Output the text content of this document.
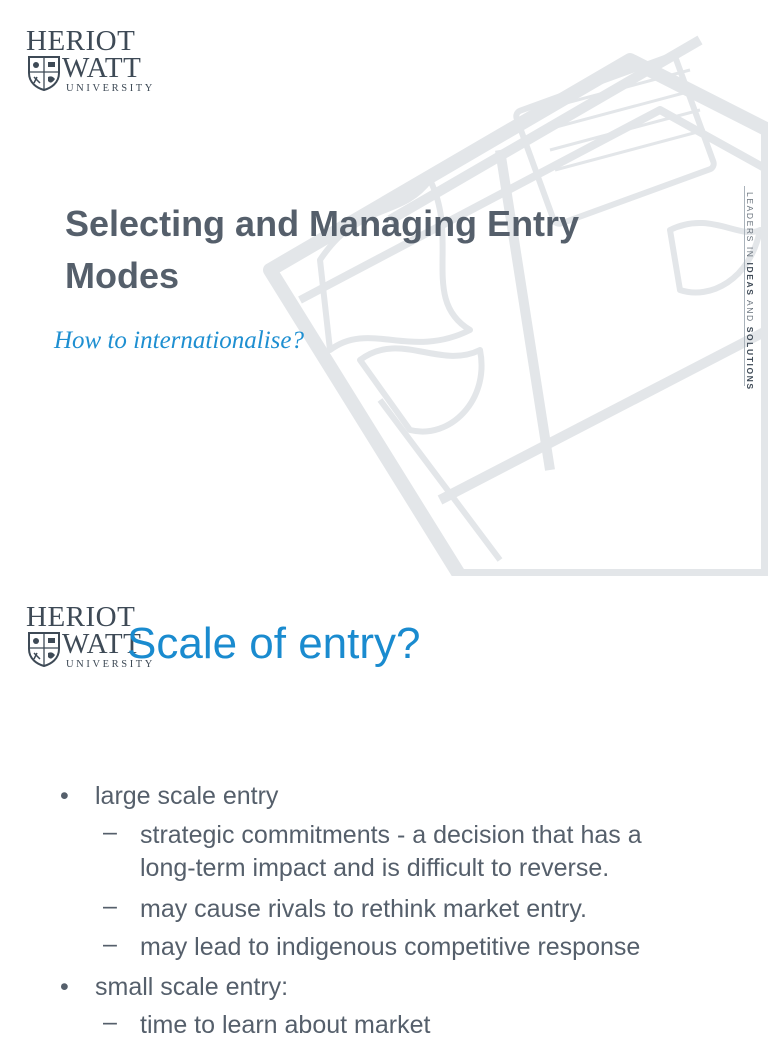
HERIOT
WATT
UNIVERSITY
LEADERS IN IDEAS AND SOLUTIONS
Selecting and Managing Entry
Modes
How to internationalise?
HERIOT
WATT
UNIVERSITY
Scale of entry?
• large scale entry
– strategic commitments - a decision that has a
long-term impact and is difficult to reverse.
– may cause rivals to rethink market entry.
– may lead to indigenous competitive response
• small scale entry:
– time to learn about market
